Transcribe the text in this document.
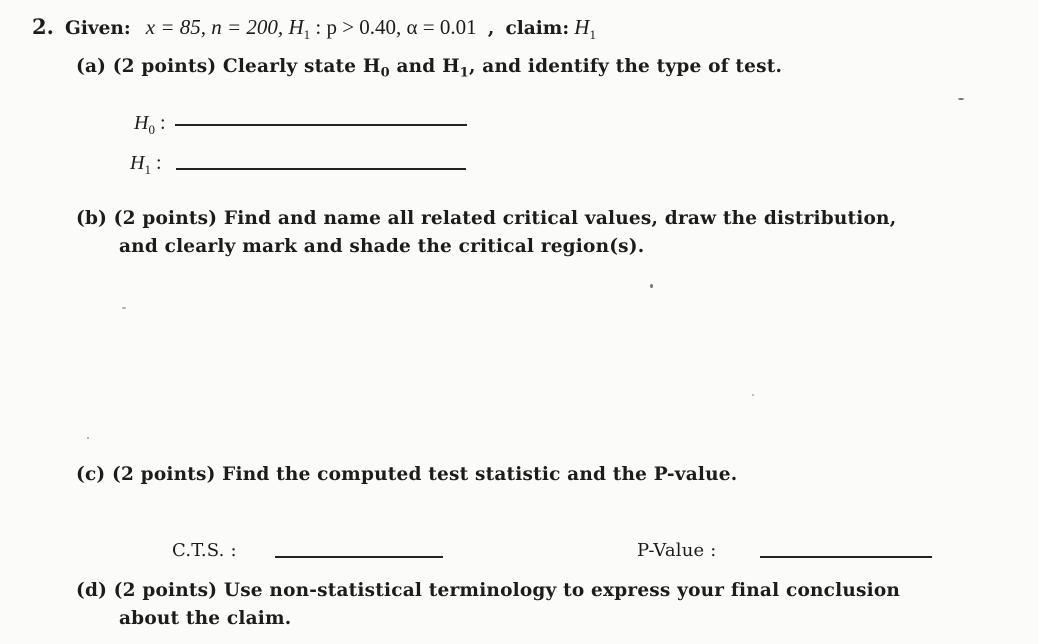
2. Given: x = 85, n = 200, $H_1$ : p > 0.40, α = 0.01 , claim: $H_1$
(a) (2 points) Clearly state $H_0$ and $H_1$, and identify the type of test.
$H_0$ :
$H_1$ :
(b) (2 points) Find and name all related critical values, draw the distribution,
and clearly mark and shade the critical region(s).
(c) (2 points) Find the computed test statistic and the P-value.
C.T.S. :	P-Value :
(d) (2 points) Use non-statistical terminology to express your final conclusion
about the claim.
